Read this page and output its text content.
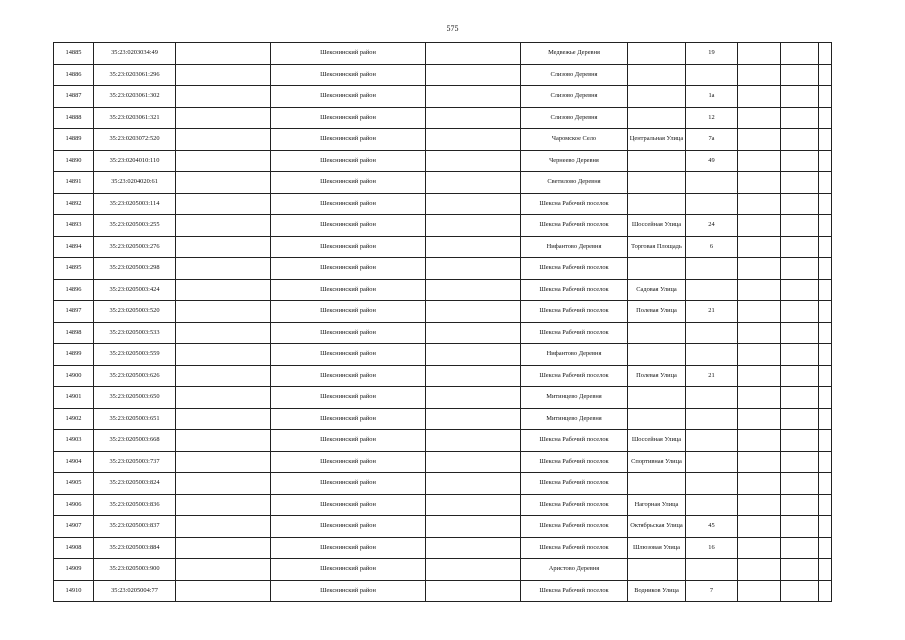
575
14885	35:23:0203034:49		Шекснинский район		Медвежье Деревня		19			
14886	35:23:0203061:296		Шекснинский район		Слизово Деревня					
14887	35:23:0203061:302		Шекснинский район		Слизово Деревня		1а			
14888	35:23:0203061:321		Шекснинский район		Слизово Деревня		12			
14889	35:23:0203072:520		Шекснинский район		Чаромское Село	Центральная Улица	7а			
14890	35:23:0204010:110		Шекснинский район		Чернеево Деревня		49			
14891	35:23:0204020:61		Шекснинский район		Светилово Деревня					
14892	35:23:0205003:114		Шекснинский район		Шексна Рабочий поселок					
14893	35:23:0205003:255		Шекснинский район		Шексна Рабочий поселок	Шоссейная Улица	24			
14894	35:23:0205003:276		Шекснинский район		Нифантово Деревня	Торговая Площадь	6			
14895	35:23:0205003:298		Шекснинский район		Шексна Рабочий поселок					
14896	35:23:0205003:424		Шекснинский район		Шексна Рабочий поселок	Садовая Улица				
14897	35:23:0205003:520		Шекснинский район		Шексна Рабочий поселок	Полевая Улица	21			
14898	35:23:0205003:533		Шекснинский район		Шексна Рабочий поселок					
14899	35:23:0205003:559		Шекснинский район		Нифантово Деревня					
14900	35:23:0205003:626		Шекснинский район		Шексна Рабочий поселок	Полевая Улица	21			
14901	35:23:0205003:650		Шекснинский район		Митинцево Деревня					
14902	35:23:0205003:651		Шекснинский район		Митинцево Деревня					
14903	35:23:0205003:668		Шекснинский район		Шексна Рабочий поселок	Шоссейная Улица				
14904	35:23:0205003:737		Шекснинский район		Шексна Рабочий поселок	Спортивная Улица				
14905	35:23:0205003:824		Шекснинский район		Шексна Рабочий поселок					
14906	35:23:0205003:836		Шекснинский район		Шексна Рабочий поселок	Нагорная Улица				
14907	35:23:0205003:837		Шекснинский район		Шексна Рабочий поселок	Октябрьская Улица	45			
14908	35:23:0205003:884		Шекснинский район		Шексна Рабочий поселок	Шлюзовая Улица	16			
14909	35:23:0205003:900		Шекснинский район		Аристово Деревня					
14910	35:23:0205004:77		Шекснинский район		Шексна Рабочий поселок	Водников Улица	7			
